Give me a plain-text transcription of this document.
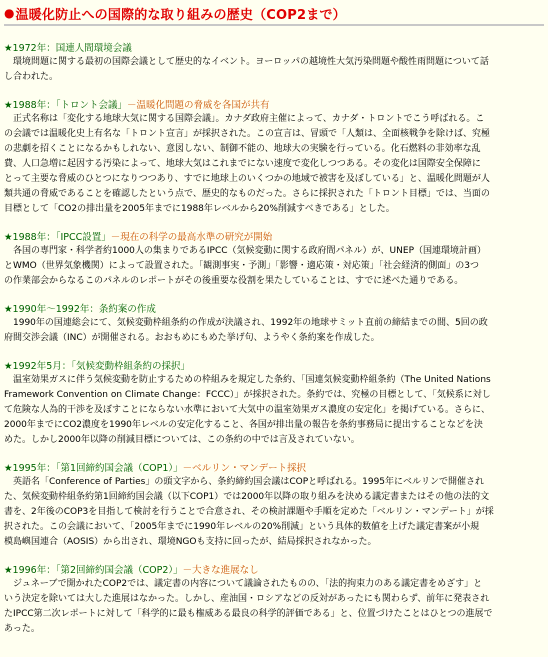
● 温暖化防止への国際的な取り組みの歴史（COP2まで）
★1972年：国連人間環境会議

　環境問題に関する最初の国際会議として歴史的なイベント。ヨーロッパの越境性大気汚染問題や酸性雨問題について話
し合われた。

★1988年：「トロント会議」－温暖化問題の脅威を各国が共有

　正式名称は「変化する地球大気に関する国際会議」。カナダ政府主催によって、カナダ・トロントでこう呼ばれる。こ
の会議では温暖化史上有名な「トロント宣言」が採択された。この宣言は、冒頭で「人類は、全面核戦争を除けば、究極
の悲劇を招くことになるかもしれない、意図しない、制御不能の、地球大の実験を行っている。化石燃料の非効率な乱
費、人口急増に起因する汚染によって、地球大気はこれまでにない速度で変化しつつある。その変化は国際安全保障に
とって主要な脅威のひとつになりつつあり、すでに地球上のいくつかの地域で被害を及ぼしている」と、温暖化問題が人
類共通の脅威であることを確認したという点で、歴史的なものだった。さらに採択された「トロント目標」では、当面の
目標として「CO2の排出量を2005年までに1988年レベルから20%削減すべきである」とした。

★1988年：「IPCC設置」－現在の科学の最高水準の研究が開始

　各国の専門家・科学者約1000人の集まりであるIPCC（気候変動に関する政府間パネル）が、UNEP（国連環境計画）
とWMO（世界気象機関）によって設置された。「観測事実・予測」「影響・適応策・対応策」「社会経済的側面」の3つ
の作業部会からなるこのパネルのレポートがその後重要な役割を果たしていることは、すでに述べた通りである。

★1990年～1992年：条約案の作成

　1990年の国連総会にて、気候変動枠組条約の作成が決議され、1992年の地球サミット直前の締結までの間、5回の政
府間交渉会議（INC）が開催される。おおもめにもめた挙げ句、ようやく条約案を作成した。

★1992年5月：「気候変動枠組条約の採択」

　温室効果ガスに伴う気候変動を防止するための枠組みを規定した条約、「国連気候変動枠組条約（The United Nations
Framework Convention on Climate Change：FCCC）」が採択された。条約では、究極の目標として、「気候系に対し
て危険な人為的干渉を及ぼすことにならない水準において大気中の温室効果ガス濃度の安定化」を掲げている。さらに、
2000年までにCO2濃度を1990年レベルの安定化すること、各国が排出量の報告を条約事務局に提出することなどを決
めた。しかし2000年以降の削減目標については、この条約の中では言及されていない。

★1995年：「第1回締約国会議（COP1）」－ベルリン・マンデート採択

　英語名「Conference of Parties」の頭文字から、条約締約国会議はCOPと呼ばれる。1995年にベルリンで開催され
た、気候変動枠組条約第1回締約国会議（以下COP1）では2000年以降の取り組みを決める議定書またはその他の法的文
書を、2年後のCOP3を目指して検討を行うことで合意され、その検討課題や手順を定めた「ベルリン・マンデート」が採
択された。この会議において、「2005年までに1990年レベルの20%削減」という具体的数値を上げた議定書案が小規
模島嶼国連合（AOSIS）から出され、環境NGOも支持に回ったが、結局採択されなかった。

★1996年：「第2回締約国会議（COP2）」－大きな進展なし

　ジュネーブで開かれたCOP2では、議定書の内容について議論されたものの、「法的拘束力のある議定書をめざす」と
いう決定を除いては大した進展はなかった。しかし、産油国・ロシアなどの反対があったにも関わらず、前年に発表され
たIPCC第二次レポートに対して「科学的に最も権威ある最良の科学的評価である」と、位置づけたことはひとつの進展で
あった。
